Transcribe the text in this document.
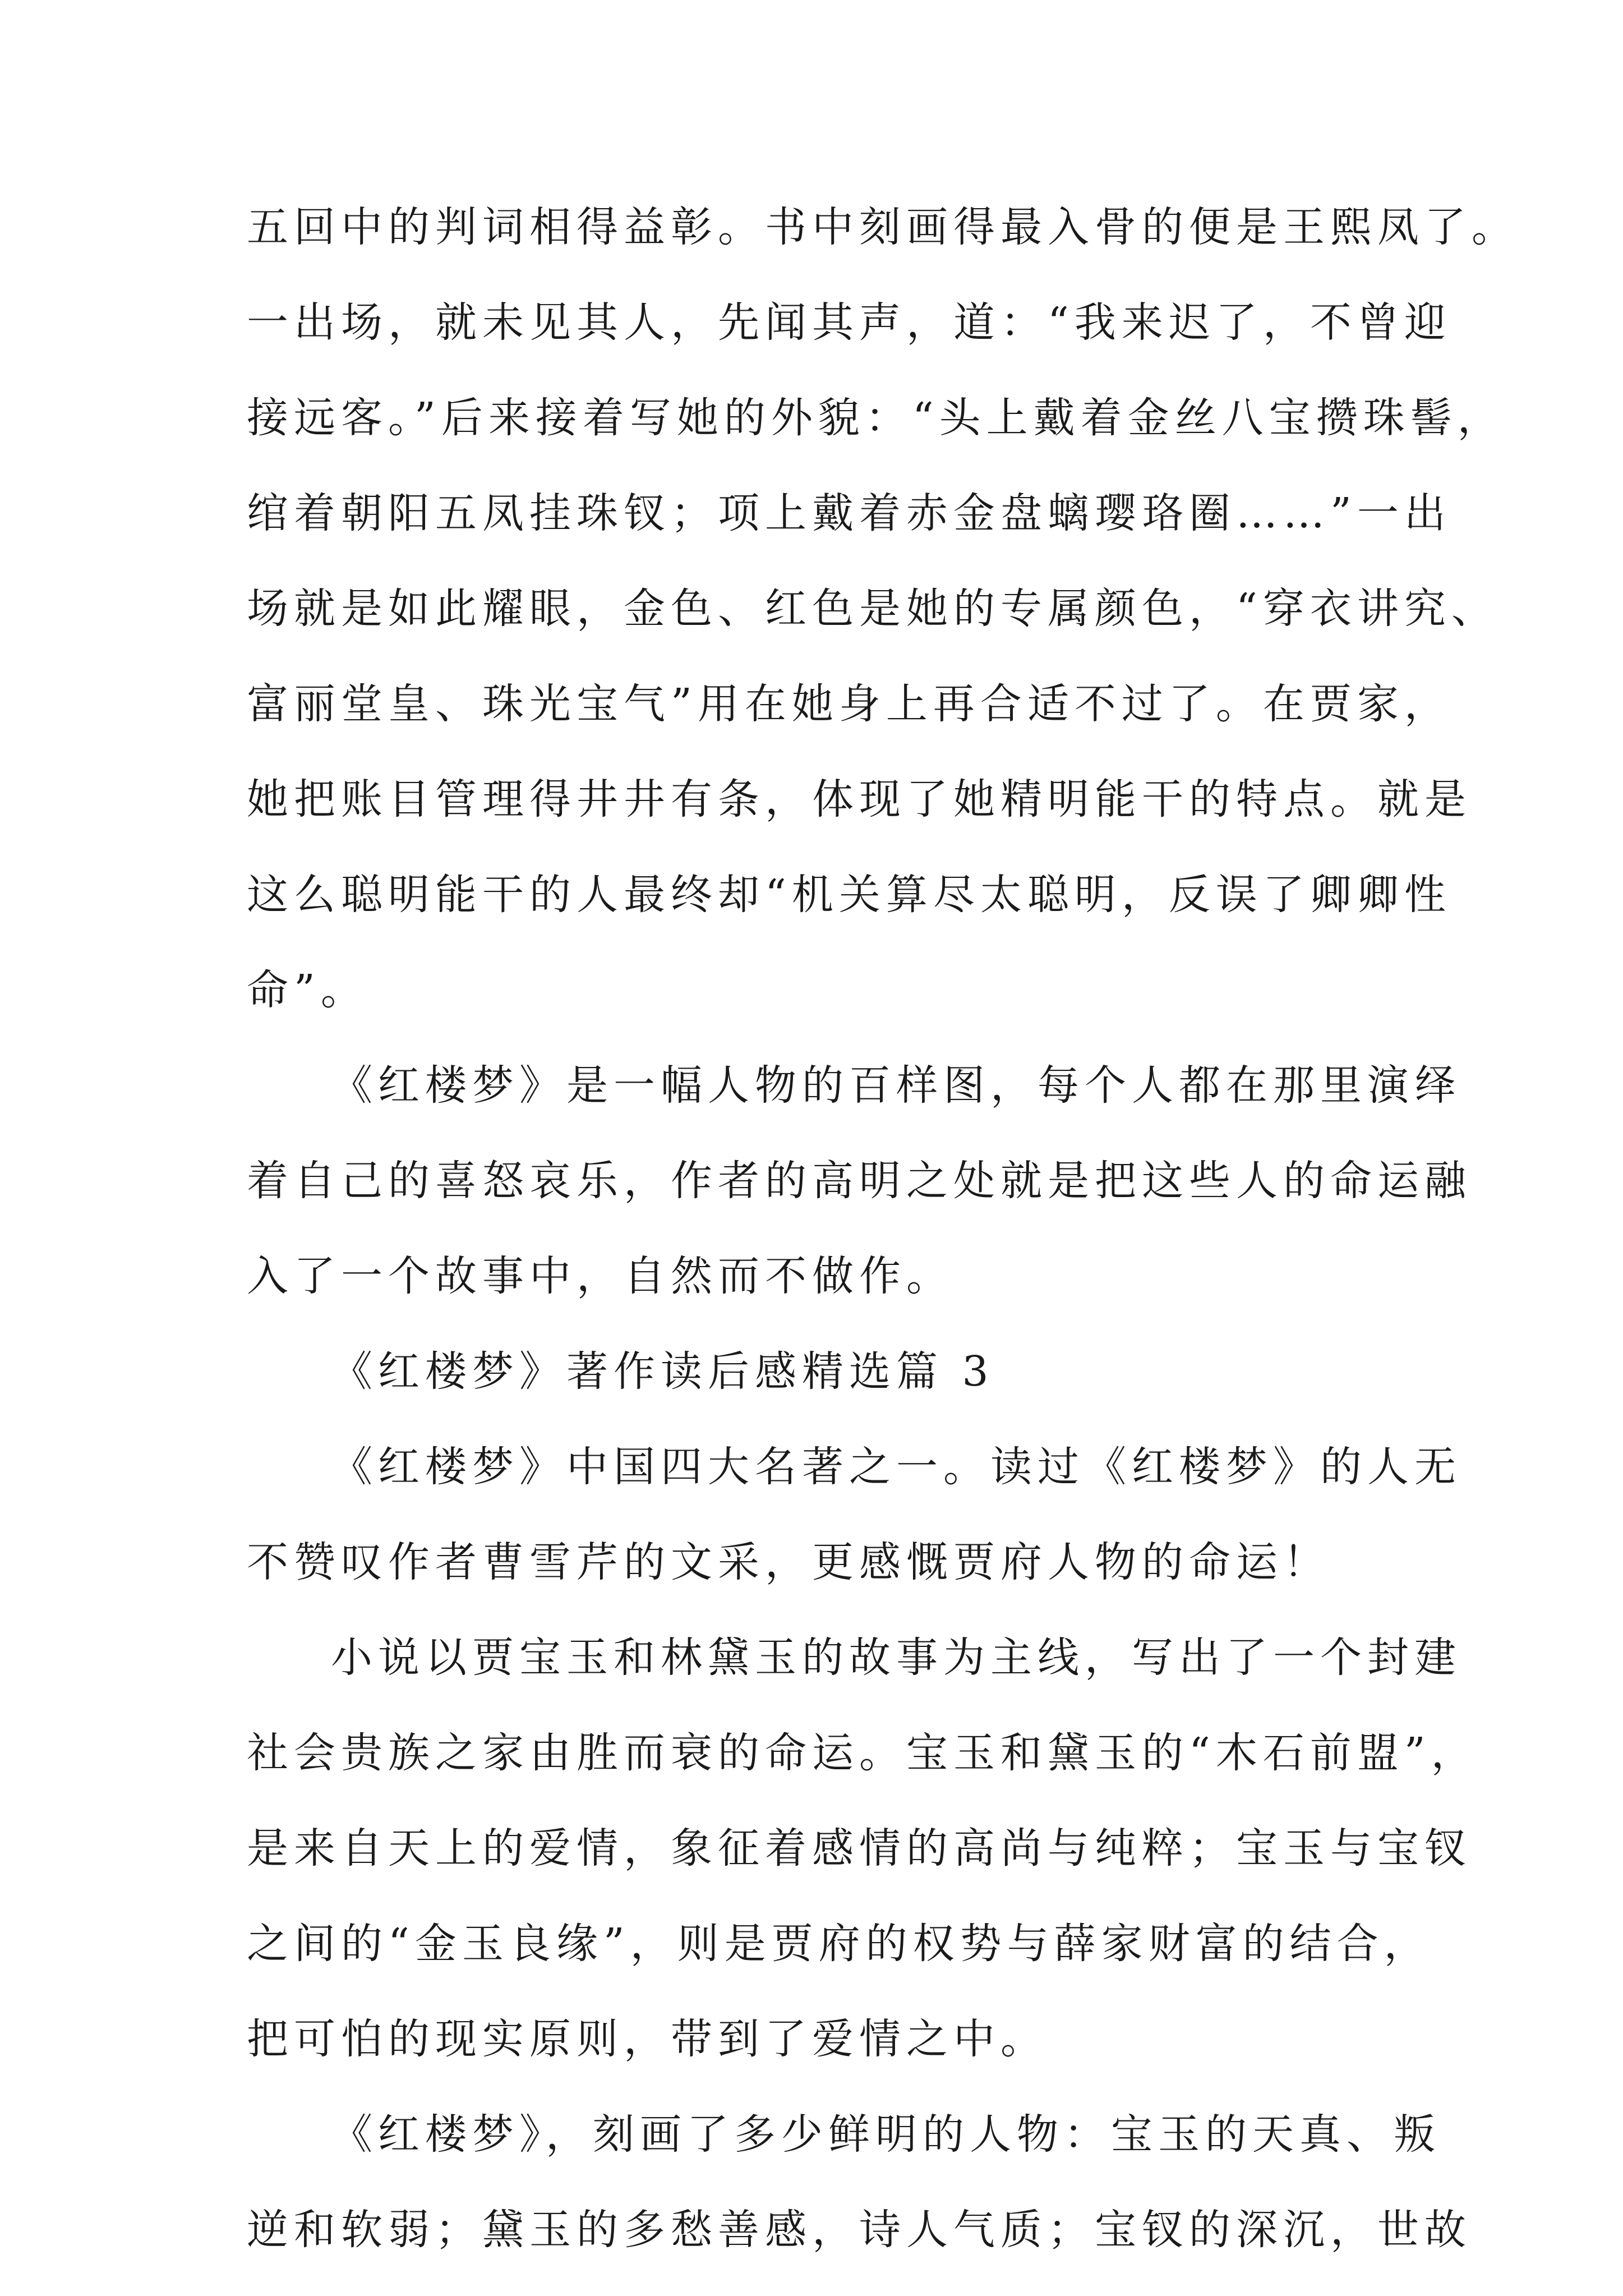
五回中的判词相得益彰。书中刻画得最入骨的便是王熙凤了。
一出场，就未见其人，先闻其声，道：“我来迟了，不曾迎
接远客。”后来接着写她的外貌：“头上戴着金丝八宝攒珠髻，
绾着朝阳五凤挂珠钗；项上戴着赤金盘螭璎珞圈……”一出
场就是如此耀眼，金色、红色是她的专属颜色，“穿衣讲究、
富丽堂皇、珠光宝气”用在她身上再合适不过了。在贾家，
她把账目管理得井井有条，体现了她精明能干的特点。就是
这么聪明能干的人最终却“机关算尽太聪明，反误了卿卿性
命”。
《红楼梦》是一幅人物的百样图，每个人都在那里演绎
着自己的喜怒哀乐，作者的高明之处就是把这些人的命运融
入了一个故事中，自然而不做作。
《红楼梦》著作读后感精选篇 3
《红楼梦》中国四大名著之一。读过《红楼梦》的人无
不赞叹作者曹雪芹的文采，更感慨贾府人物的命运！
小说以贾宝玉和林黛玉的故事为主线，写出了一个封建
社会贵族之家由胜而衰的命运。宝玉和黛玉的“木石前盟”，
是来自天上的爱情，象征着感情的高尚与纯粹；宝玉与宝钗
之间的“金玉良缘”，则是贾府的权势与薛家财富的结合，
把可怕的现实原则，带到了爱情之中。
《红楼梦》，刻画了多少鲜明的人物：宝玉的天真、叛
逆和软弱；黛玉的多愁善感，诗人气质；宝钗的深沉，世故
